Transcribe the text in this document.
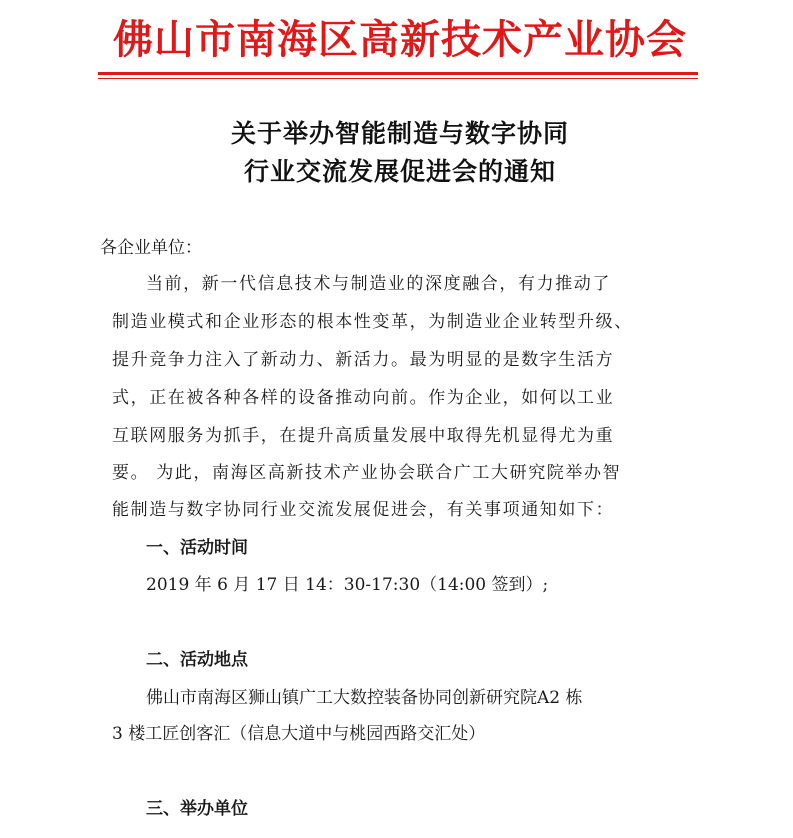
佛山市南海区高新技术产业协会
关于举办智能制造与数字协同
行业交流发展促进会的通知
各企业单位：
当前，新一代信息技术与制造业的深度融合，有力推动了
制造业模式和企业形态的根本性变革，为制造业企业转型升级、
提升竞争力注入了新动力、新活力。最为明显的是数字生活方
式，正在被各种各样的设备推动向前。作为企业，如何以工业
互联网服务为抓手，在提升高质量发展中取得先机显得尤为重
要。 为此，南海区高新技术产业协会联合广工大研究院举办智
能制造与数字协同行业交流发展促进会，有关事项通知如下：
一、活动时间
2019 年 6 月 17 日 14：30-17:30（14:00 签到）;
二、活动地点
佛山市南海区狮山镇广工大数控装备协同创新研究院A2 栋
3 楼工匠创客汇（信息大道中与桃园西路交汇处）
三、举办单位
